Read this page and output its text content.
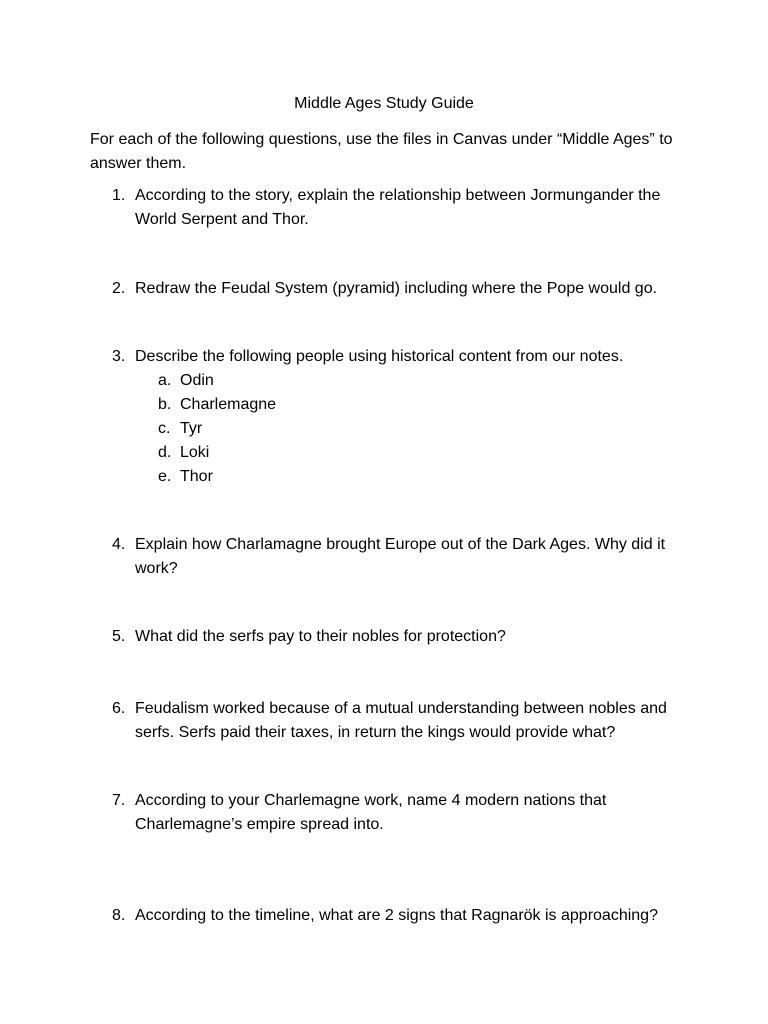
Middle Ages Study Guide
For each of the following questions, use the files in Canvas under “Middle Ages” to answer them.
1. According to the story, explain the relationship between Jormungander the World Serpent and Thor.
2. Redraw the Feudal System (pyramid) including where the Pope would go.
3. Describe the following people using historical content from our notes.
a. Odin
b. Charlemagne
c. Tyr
d. Loki
e. Thor
4. Explain how Charlamagne brought Europe out of the Dark Ages. Why did it work?
5. What did the serfs pay to their nobles for protection?
6. Feudalism worked because of a mutual understanding between nobles and serfs. Serfs paid their taxes, in return the kings would provide what?
7. According to your Charlemagne work, name 4 modern nations that Charlemagne’s empire spread into.
8. According to the timeline, what are 2 signs that Ragnarök is approaching?
